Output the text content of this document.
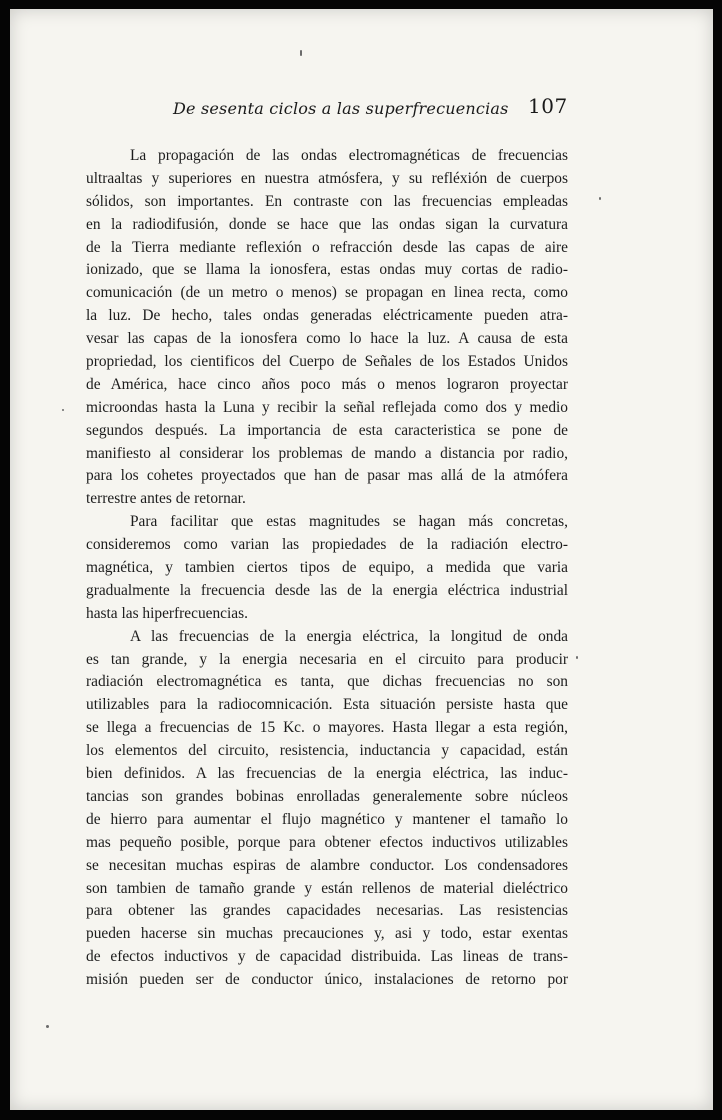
De sesenta ciclos a las superfrecuencias 107

La propagación de las ondas electromagnéticas de frecuencias
ultraaltas y superiores en nuestra atmósfera, y su refléxión de cuerpos
sólidos, son importantes. En contraste con las frecuencias empleadas
en la radiodifusión, donde se hace que las ondas sigan la curvatura
de la Tierra mediante reflexión o refracción desde las capas de aire
ionizado, que se llama la ionosfera, estas ondas muy cortas de radio-
comunicación (de un metro o menos) se propagan en linea recta, como
la luz. De hecho, tales ondas generadas eléctricamente pueden atra-
vesar las capas de la ionosfera como lo hace la luz. A causa de esta
propriedad, los cientificos del Cuerpo de Señales de los Estados Unidos
de América, hace cinco años poco más o menos lograron proyectar
microondas hasta la Luna y recibir la señal reflejada como dos y medio
segundos después. La importancia de esta caracteristica se pone de
manifiesto al considerar los problemas de mando a distancia por radio,
para los cohetes proyectados que han de pasar mas allá de la atmófera
terrestre antes de retornar.

Para facilitar que estas magnitudes se hagan más concretas,
consideremos como varian las propiedades de la radiación electro-
magnética, y tambien ciertos tipos de equipo, a medida que varia
gradualmente la frecuencia desde las de la energia eléctrica industrial
hasta las hiperfrecuencias.

A las frecuencias de la energia eléctrica, la longitud de onda
es tan grande, y la energia necesaria en el circuito para producir
radiación electromagnética es tanta, que dichas frecuencias no son
utilizables para la radiocomnicación. Esta situación persiste hasta que
se llega a frecuencias de 15 Kc. o mayores. Hasta llegar a esta región,
los elementos del circuito, resistencia, inductancia y capacidad, están
bien definidos. A las frecuencias de la energia eléctrica, las induc-
tancias son grandes bobinas enrolladas generalemente sobre núcleos
de hierro para aumentar el flujo magnético y mantener el tamaño lo
mas pequeño posible, porque para obtener efectos inductivos utilizables
se necesitan muchas espiras de alambre conductor. Los condensadores
son tambien de tamaño grande y están rellenos de material dieléctrico
para obtener las grandes capacidades necesarias. Las resistencias
pueden hacerse sin muchas precauciones y, asi y todo, estar exentas
de efectos inductivos y de capacidad distribuida. Las lineas de trans-
misión pueden ser de conductor único, instalaciones de retorno por
